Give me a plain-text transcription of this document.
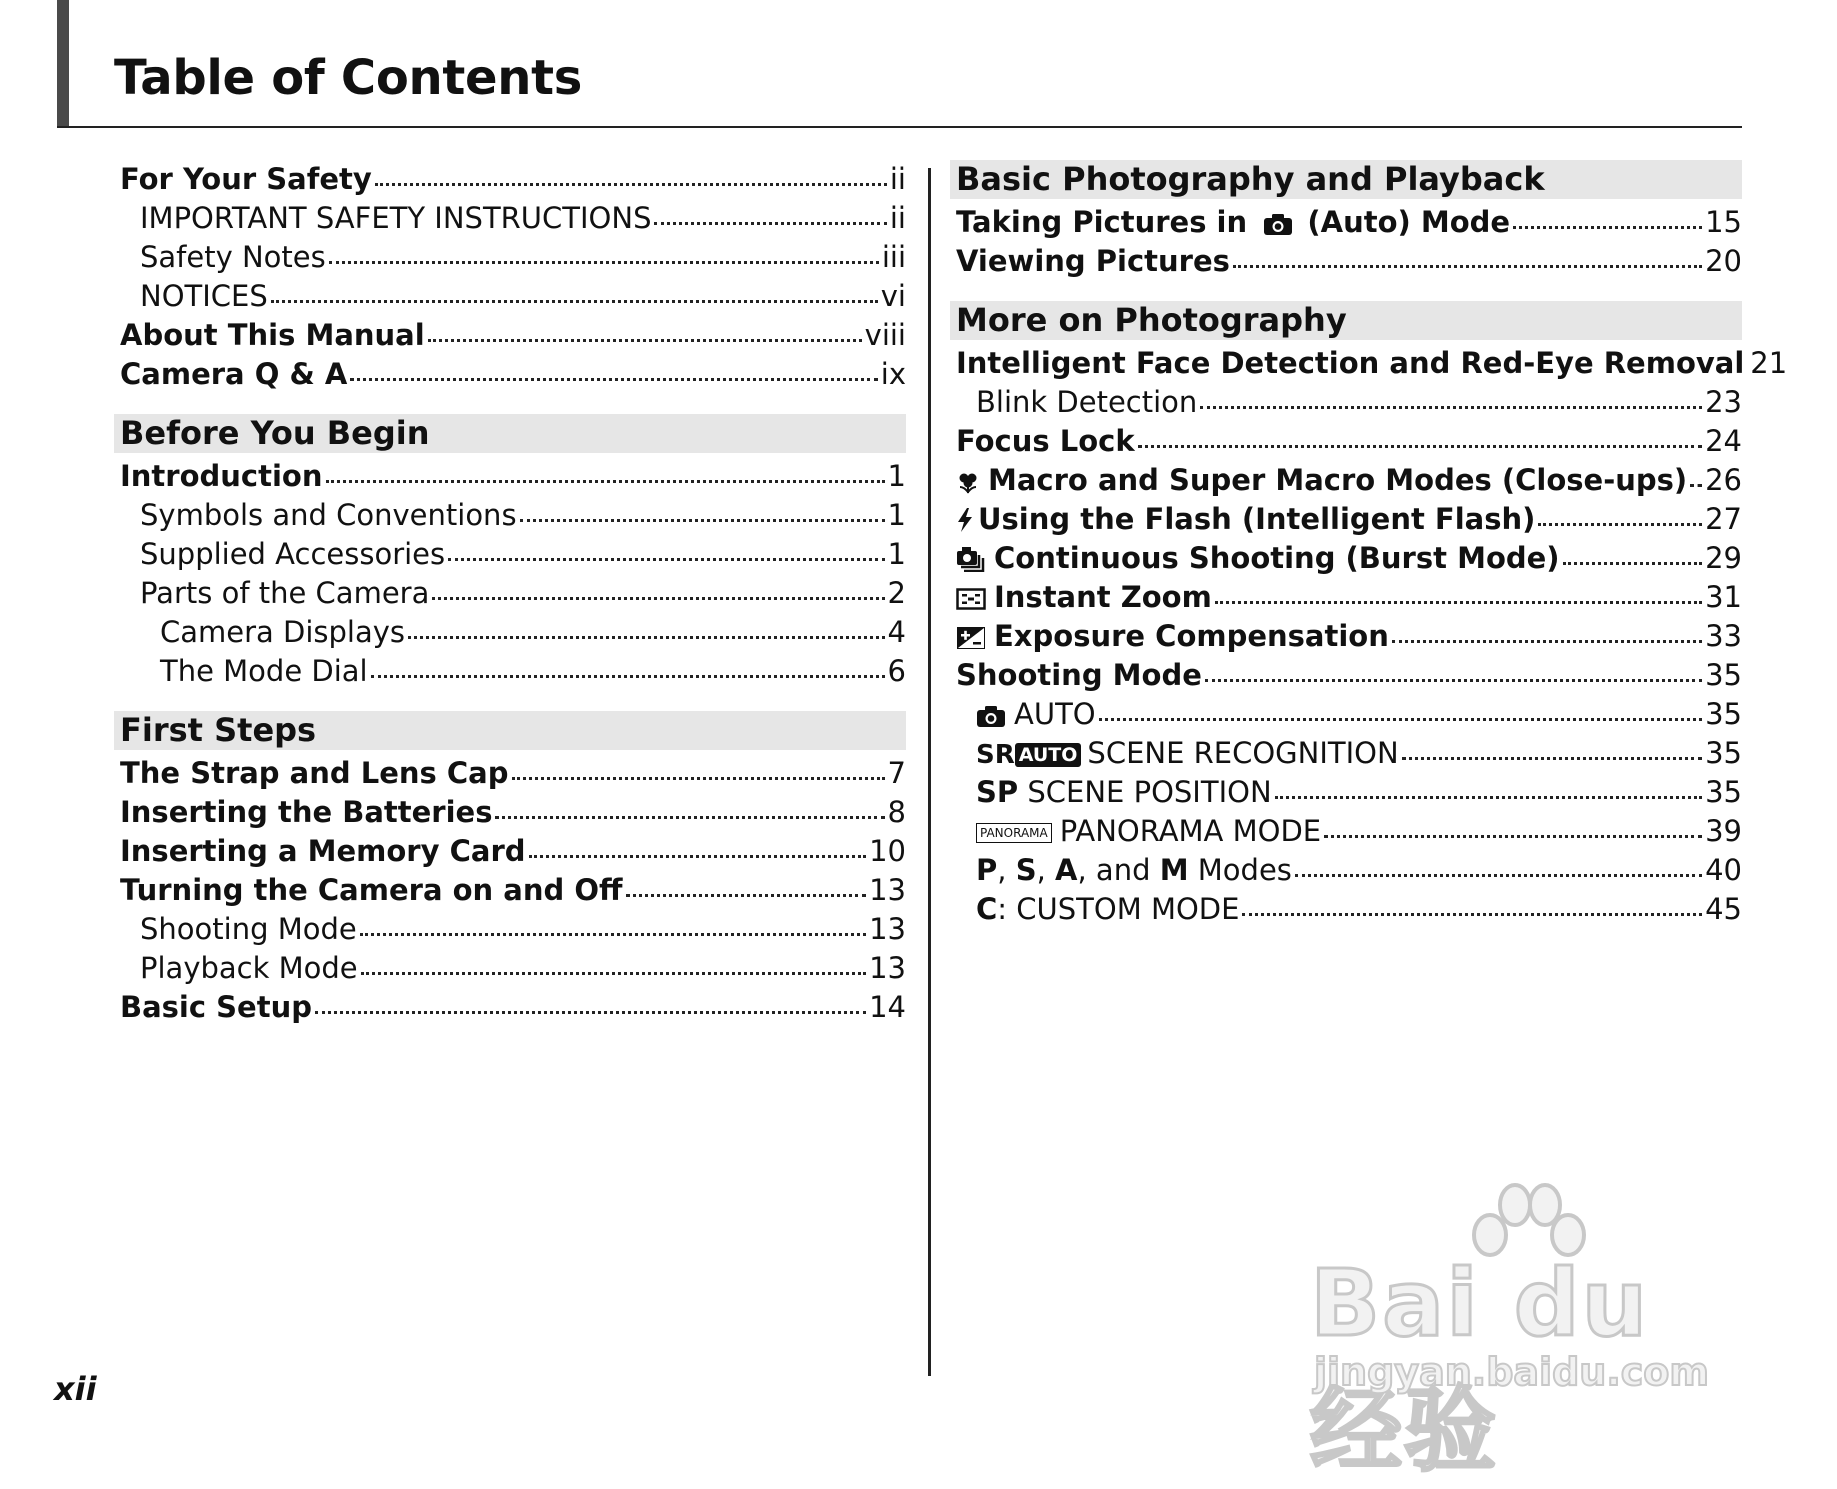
Table of Contents
For Your Safety	ii
IMPORTANT SAFETY INSTRUCTIONS	ii
Safety Notes	iii
NOTICES	vi
About This Manual	viii
Camera Q & A	ix
Before You Begin
Introduction	1
Symbols and Conventions	1
Supplied Accessories	1
Parts of the Camera	2
Camera Displays	4
The Mode Dial	6
First Steps
The Strap and Lens Cap	7
Inserting the Batteries	8
Inserting a Memory Card	10
Turning the Camera on and Off	13
Shooting Mode	13
Playback Mode	13
Basic Setup	14
Basic Photography and Playback
Taking Pictures in (Auto) Mode	15
Viewing Pictures	20
More on Photography
Intelligent Face Detection and Red-Eye Removal 21
Blink Detection	23
Focus Lock	24
Macro and Super Macro Modes (Close-ups) 26
Using the Flash (Intelligent Flash)	27
Continuous Shooting (Burst Mode)	29
Instant Zoom	31
Exposure Compensation	33
Shooting Mode	35
AUTO	35
SR AUTO SCENE RECOGNITION	35
SP SCENE POSITION	35
PANORAMA PANORAMA MODE	39
P, S, A, and M Modes	40
C: CUSTOM MODE	45
xii
Bai du 经验
jingyan.baidu.com
